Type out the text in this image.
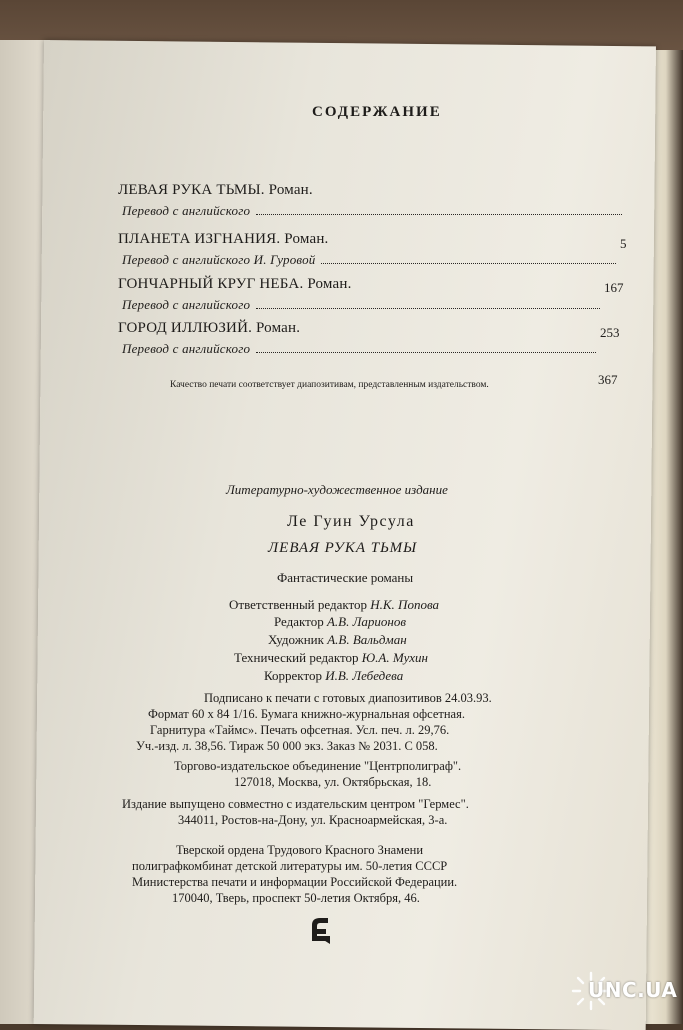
СОДЕРЖАНИЕ
ЛЕВАЯ РУКА ТЬМЫ. Роман.
Перевод с английского
5
ПЛАНЕТА ИЗГНАНИЯ. Роман.
Перевод с английского И. Гуровой
167
ГОНЧАРНЫЙ КРУГ НЕБА. Роман.
Перевод с английского
253
ГОРОД ИЛЛЮЗИЙ. Роман.
Перевод с английского
367
Качество печати соответствует диапозитивам, представленным издательством.
Литературно-художественное издание
Ле Гуин Урсула
ЛЕВАЯ РУКА ТЬМЫ
Фантастические романы
Ответственный редактор Н.К. Попова
Редактор А.В. Ларионов
Художник А.В. Вальдман
Технический редактор Ю.А. Мухин
Корректор И.В. Лебедева
Подписано к печати с готовых диапозитивов 24.03.93.
Формат 60 х 84 1/16. Бумага книжно-журнальная офсетная.
Гарнитура «Таймс». Печать офсетная. Усл. печ. л. 29,76.
Уч.-изд. л. 38,56. Тираж 50 000 экз. Заказ № 2031. С 058.
Торгово-издательское объединение "Центрполиграф".
127018, Москва, ул. Октябрьская, 18.
Издание выпущено совместно с издательским центром "Гермес".
344011, Ростов-на-Дону, ул. Красноармейская, 3-а.
Тверской ордена Трудового Красного Знамени
полиграфкомбинат детской литературы им. 50-летия СССР
Министерства печати и информации Российской Федерации.
170040, Тверь, проспект 50-летия Октября, 46.
UNC.UA
